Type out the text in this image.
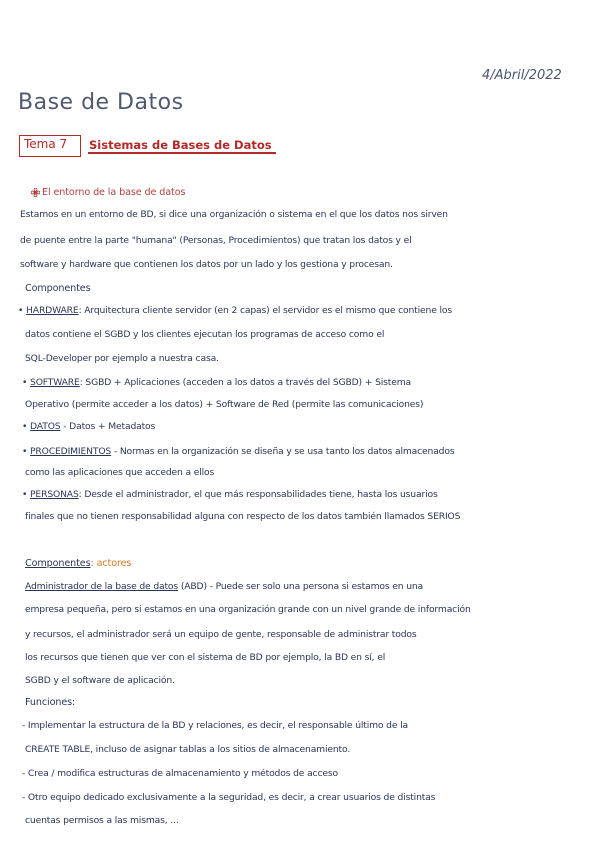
4/Abril/2022
Base de Datos
Tema 7 Sistemas de Bases de Datos
El entorno de la base de datos
Estamos en un entorno de BD, si dice una organización o sistema en el que los datos nos sirven
de puente entre la parte "humana" (Personas, Procedimientos) que tratan los datos y el
software y hardware que contienen los datos por un lado y los gestiona y procesan.
Componentes
• HARDWARE: Arquitectura cliente servidor (en 2 capas) el servidor es el mismo que contiene los
datos contiene el SGBD y los clientes ejecutan los programas de acceso como el
SQL-Developer por ejemplo a nuestra casa.
• SOFTWARE: SGBD + Aplicaciones (acceden a los datos a través del SGBD) + Sistema
Operativo (permite acceder a los datos) + Software de Red (permite las comunicaciones)
• DATOS - Datos + Metadatos
• PROCEDIMIENTOS - Normas en la organización se diseña y se usa tanto los datos almacenados
como las aplicaciones que acceden a ellos
• PERSONAS: Desde el administrador, el que más responsabilidades tiene, hasta los usuarios
finales que no tienen responsabilidad alguna con respecto de los datos también llamados SERIOS
Componentes: actores
Administrador de la base de datos (ABD) - Puede ser solo una persona si estamos en una
empresa pequeña, pero si estamos en una organización grande con un nivel grande de información
y recursos, el administrador será un equipo de gente, responsable de administrar todos
los recursos que tienen que ver con el sistema de BD por ejemplo, la BD en sí, el
SGBD y el software de aplicación.
Funciones:
- Implementar la estructura de la BD y relaciones, es decir, el responsable último de la
CREATE TABLE, incluso de asignar tablas a los sitios de almacenamiento.
- Crea / modifica estructuras de almacenamiento y métodos de acceso
- Otro equipo dedicado exclusivamente a la seguridad, es decir, a crear usuarios de distintas
cuentas permisos a las mismas, ...
